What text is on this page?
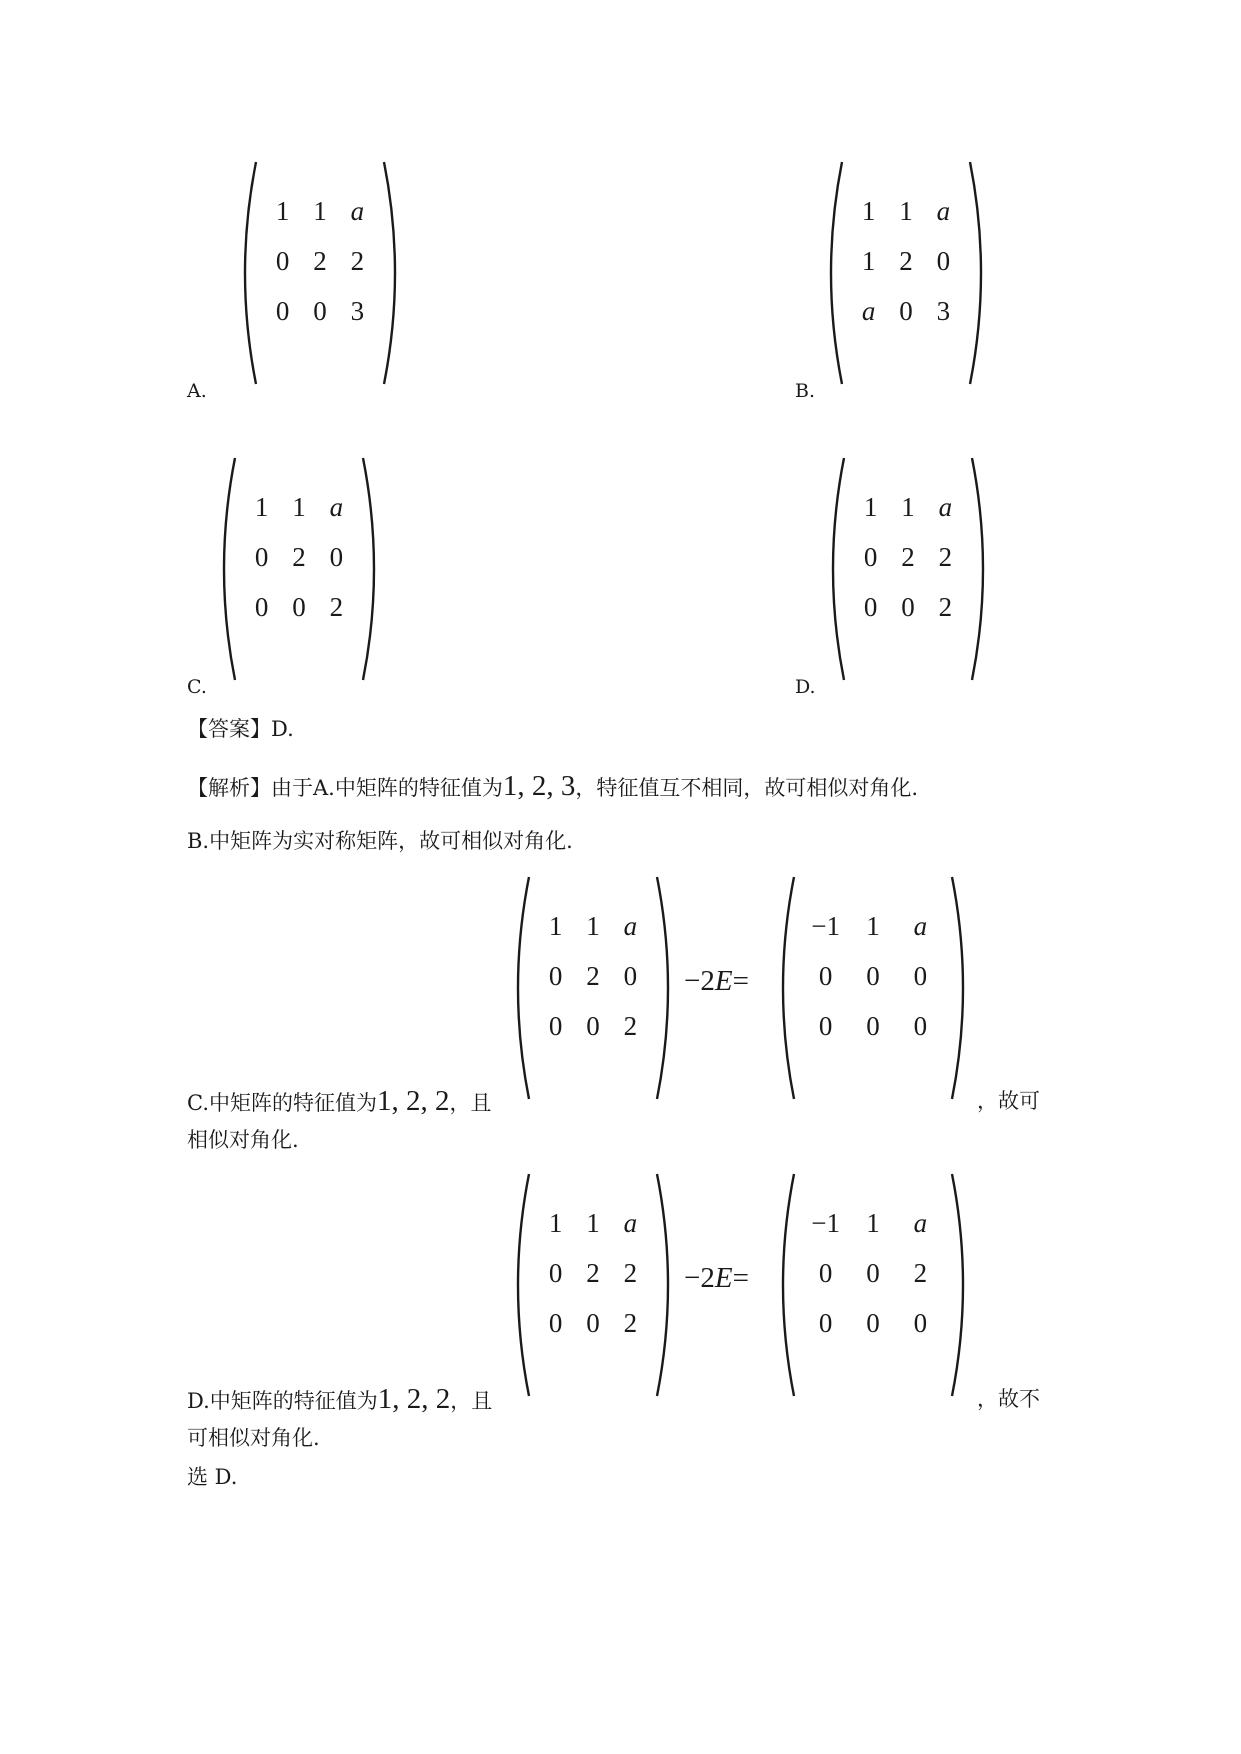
A.
1 1 a
0 2 2
0 0 3
B.
1 1 a
1 2 0
a 0 3
C.
1 1 a
0 2 0
0 0 2
D.
1 1 a
0 2 2
0 0 2
【答案】D.
【解析】由于A.中矩阵的特征值为1, 2, 3，特征值互不相同，故可相似对角化.
B.中矩阵为实对称矩阵，故可相似对角化.
C.中矩阵的特征值为1, 2, 2，且
1 1 a
0 2 0
0 0 2
−2E=
−1 1	a
0	0	0
0	0	0
，故可
相似对角化.
D.中矩阵的特征值为1, 2, 2，且
1 1 a
0 2 2
0 0 2
−2E=
−1 1	a
0	0	2
0	0	0
，故不
可相似对角化.
选 D.
